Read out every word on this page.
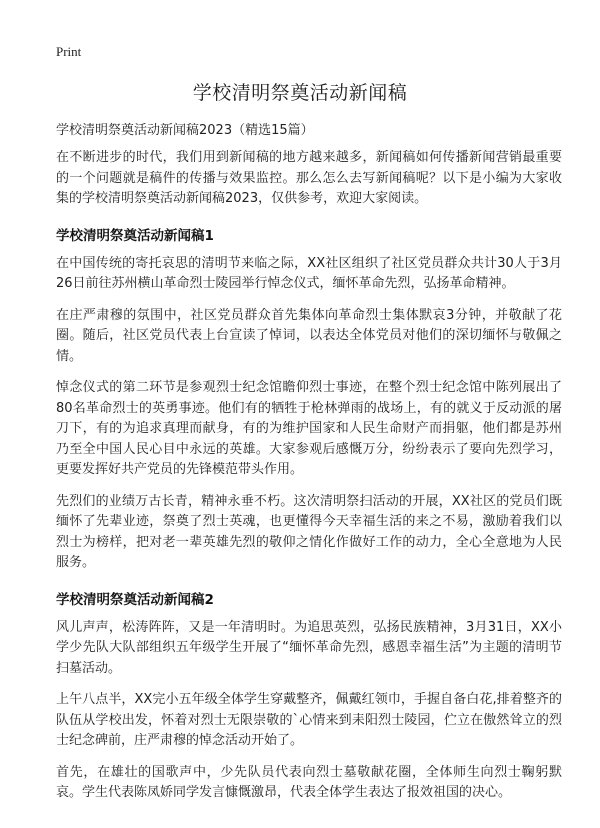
Print
学校清明祭奠活动新闻稿
学校清明祭奠活动新闻稿2023（精选15篇）

在不断进步的时代，我们用到新闻稿的地方越来越多，新闻稿如何传播新闻营销最重要的一个问题就是稿件的传播与效果监控。那么怎么去写新闻稿呢？以下是小编为大家收集的学校清明祭奠活动新闻稿2023，仅供参考，欢迎大家阅读。

学校清明祭奠活动新闻稿1

在中国传统的寄托哀思的清明节来临之际，XX社区组织了社区党员群众共计30人于3月26日前往苏州横山革命烈士陵园举行悼念仪式，缅怀革命先烈，弘扬革命精神。

在庄严肃穆的氛围中，社区党员群众首先集体向革命烈士集体默哀3分钟，并敬献了花圈。随后，社区党员代表上台宣读了悼词，以表达全体党员对他们的深切缅怀与敬佩之情。

悼念仪式的第二环节是参观烈士纪念馆瞻仰烈士事迹，在整个烈士纪念馆中陈列展出了80名革命烈士的英勇事迹。他们有的牺牲于枪林弹雨的战场上，有的就义于反动派的屠刀下，有的为追求真理而献身，有的为维护国家和人民生命财产而捐躯，他们都是苏州乃至全中国人民心目中永远的英雄。大家参观后感慨万分，纷纷表示了要向先烈学习，更要发挥好共产党员的先锋模范带头作用。

先烈们的业绩万古长青，精神永垂不朽。这次清明祭扫活动的开展，XX社区的党员们既缅怀了先辈业迹，祭奠了烈士英魂，也更懂得今天幸福生活的来之不易，激励着我们以烈士为榜样，把对老一辈英雄先烈的敬仰之情化作做好工作的动力，全心全意地为人民服务。

学校清明祭奠活动新闻稿2

风儿声声，松涛阵阵，又是一年清明时。为追思英烈，弘扬民族精神，3月31日，XX小学少先队大队部组织五年级学生开展了“缅怀革命先烈，感恩幸福生活”为主题的清明节扫墓活动。

上午八点半，XX完小五年级全体学生穿戴整齐，佩戴红领巾，手握自备白花,排着整齐的队伍从学校出发，怀着对烈士无限崇敬的`心情来到耒阳烈士陵园，伫立在傲然耸立的烈士纪念碑前，庄严肃穆的悼念活动开始了。

首先，在雄壮的国歌声中，少先队员代表向烈士墓敬献花圈，全体师生向烈士鞠躬默哀。学生代表陈凤娇同学发言慷慨激昂，代表全体学生表达了报效祖国的决心。
